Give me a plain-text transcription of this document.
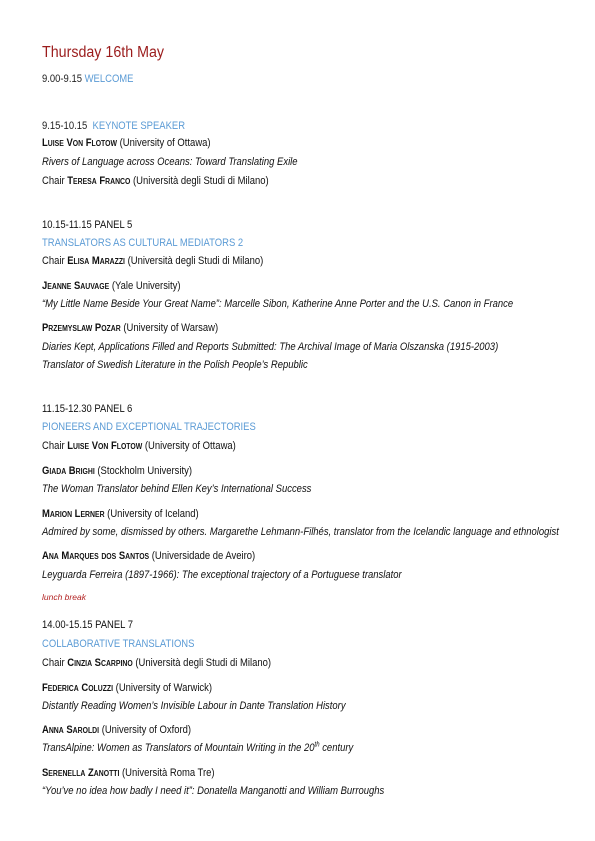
Thursday 16th May
9.00-9.15 WELCOME
9.15-10.15 KEYNOTE SPEAKER
Luise Von Flotow (University of Ottawa)
Rivers of Language across Oceans: Toward Translating Exile
Chair Teresa Franco (Università degli Studi di Milano)
10.15-11.15 PANEL 5
TRANSLATORS AS CULTURAL MEDIATORS 2
Chair Elisa Marazzi (Università degli Studi di Milano)
Jeanne Sauvage (Yale University)
“My Little Name Beside Your Great Name”: Marcelle Sibon, Katherine Anne Porter and the U.S. Canon in France
Przemyslaw Pozar (University of Warsaw)
Diaries Kept, Applications Filled and Reports Submitted: The Archival Image of Maria Olszanska (1915-2003)
Translator of Swedish Literature in the Polish People’s Republic
11.15-12.30 PANEL 6
PIONEERS AND EXCEPTIONAL TRAJECTORIES
Chair Luise Von Flotow (University of Ottawa)
Giada Brighi (Stockholm University)
The Woman Translator behind Ellen Key’s International Success
Marion Lerner (University of Iceland)
Admired by some, dismissed by others. Margarethe Lehmann-Filhés, translator from the Icelandic language and ethnologist
Ana Marques dos Santos (Universidade de Aveiro)
Leyguarda Ferreira (1897-1966): The exceptional trajectory of a Portuguese translator
lunch break
14.00-15.15 PANEL 7
COLLABORATIVE TRANSLATIONS
Chair Cinzia Scarpino (Università degli Studi di Milano)
Federica Coluzzi (University of Warwick)
Distantly Reading Women’s Invisible Labour in Dante Translation History
Anna Saroldi (University of Oxford)
TransAlpine: Women as Translators of Mountain Writing in the 20th century
Serenella Zanotti (Università Roma Tre)
“You’ve no idea how badly I need it”: Donatella Manganotti and William Burroughs
